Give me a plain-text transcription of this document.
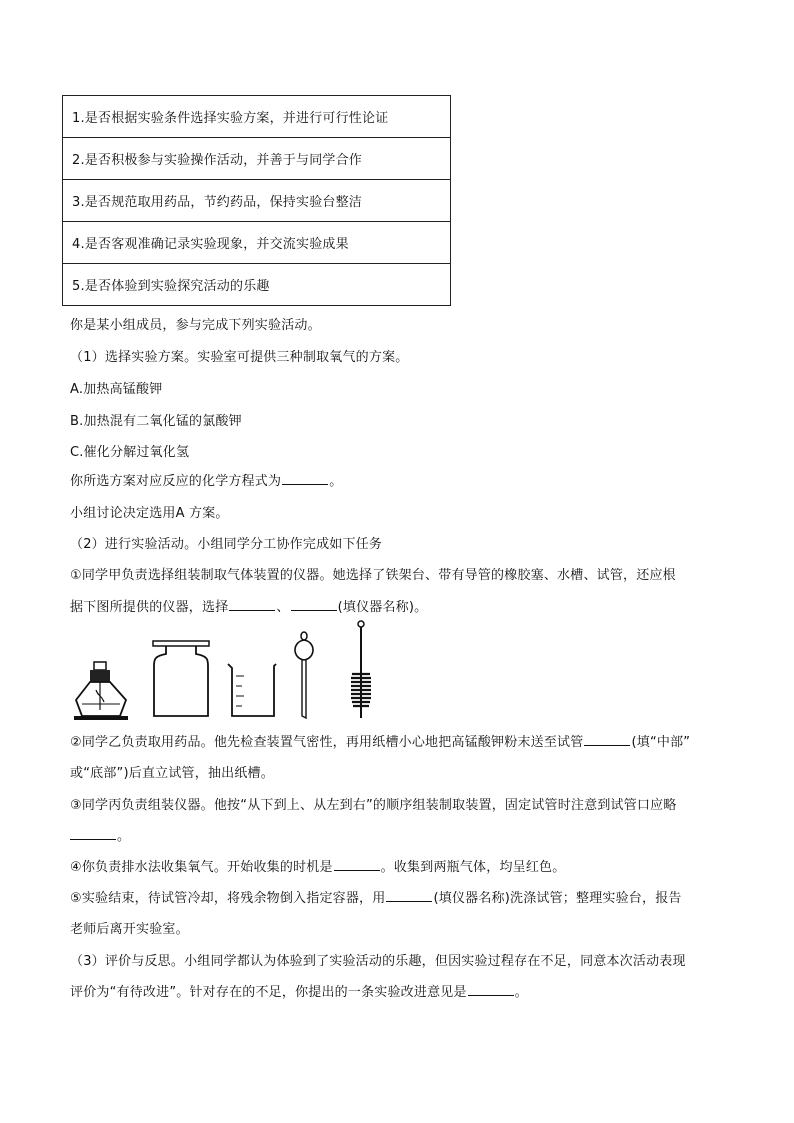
1.是否根据实验条件选择实验方案，并进行可行性论证
2.是否积极参与实验操作活动，并善于与同学合作
3.是否规范取用药品，节约药品，保持实验台整洁
4.是否客观准确记录实验现象，并交流实验成果
5.是否体验到实验探究活动的乐趣
你是某小组成员，参与完成下列实验活动。
（1）选择实验方案。实验室可提供三种制取氧气的方案。
A.加热高锰酸钾
B.加热混有二氧化锰的氯酸钾
C.催化分解过氧化氢
你所选方案对应反应的化学方程式为	。
小组讨论决定选用A 方案。
（2）进行实验活动。小组同学分工协作完成如下任务
①同学甲负责选择组装制取气体装置的仪器。她选择了铁架台、带有导管的橡胶塞、水槽、试管，还应根
据下图所提供的仪器，选择	、	(填仪器名称)。
②同学乙负责取用药品。他先检查装置气密性，再用纸槽小心地把高锰酸钾粉末送至试管	(填“中部”
或“底部”)后直立试管，抽出纸槽。
③同学丙负责组装仪器。他按“从下到上、从左到右”的顺序组装制取装置，固定试管时注意到试管口应略
。
④你负责排水法收集氧气。开始收集的时机是	。收集到两瓶气体，均呈红色。
⑤实验结束，待试管冷却，将残余物倒入指定容器，用	(填仪器名称)洗涤试管；整理实验台，报告
老师后离开实验室。
（3）评价与反思。小组同学都认为体验到了实验活动的乐趣，但因实验过程存在不足，同意本次活动表现
评价为“有待改进”。针对存在的不足，你提出的一条实验改进意见是	。
